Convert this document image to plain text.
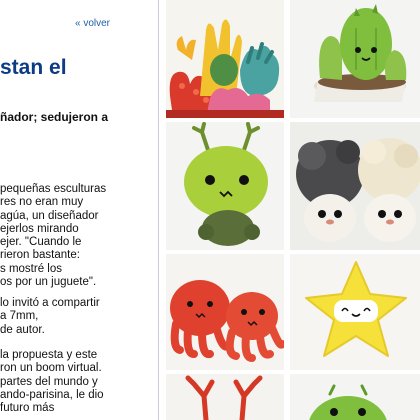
« volver
stan el

ñador; sedujeron a

pequeñas esculturas
res no eran muy
agúa, un diseñador
ejerlos mirando
ejer. "Cuando le
rieron bastante:
s mostré los
os por un juguete".

lo invitó a compartir
a 7mm,
de autor.

la propuesta y este
ron un boom virtual.
partes del mundo y
ando-parisina, le dio
futuro más
